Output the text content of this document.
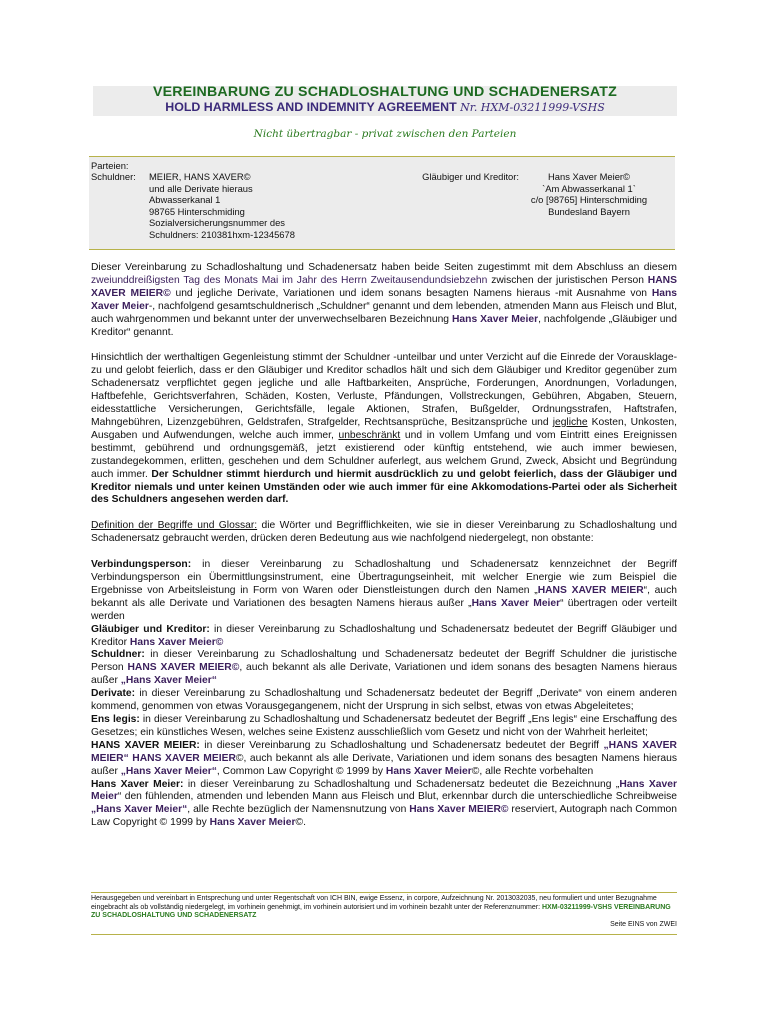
VEREINBARUNG ZU SCHADLOSHALTUNG UND SCHADENERSATZ
HOLD HARMLESS AND INDEMNITY AGREEMENT Nr. HXM-03211999-VSHS
Nicht übertragbar - privat zwischen den Parteien
Parteien:
Schuldner: MEIER, HANS XAVER©
und alle Derivate hieraus
Abwasserkanal 1
98765 Hinterschmiding
Sozialversicherungsnummer des
Schuldners: 210381hxm-12345678
Gläubiger und Kreditor:	Hans Xaver Meier©
`Am Abwasserkanal 1`
c/o [98765] Hinterschmiding
Bundesland Bayern

Dieser Vereinbarung zu Schadloshaltung und Schadenersatz haben beide Seiten zugestimmt mit dem Abschluss an diesem zweiunddreißigsten Tag des Monats Mai im Jahr des Herrn Zweitausendundsiebzehn zwischen der juristischen Person HANS XAVER MEIER© und jegliche Derivate, Variationen und idem sonans besagten Namens hieraus -mit Ausnahme von Hans Xaver Meier-, nachfolgend gesamtschuldnerisch „Schuldner“ genannt und dem lebenden, atmenden Mann aus Fleisch und Blut, auch wahrgenommen und bekannt unter der unverwechselbaren Bezeichnung Hans Xaver Meier, nachfolgende „Gläubiger und Kreditor“ genannt.

Hinsichtlich der werthaltigen Gegenleistung stimmt der Schuldner -unteilbar und unter Verzicht auf die Einrede der Vorausklage- zu und gelobt feierlich, dass er den Gläubiger und Kreditor schadlos hält und sich dem Gläubiger und Kreditor gegenüber zum Schadenersatz verpflichtet gegen jegliche und alle Haftbarkeiten, Ansprüche, Forderungen, Anordnungen, Vorladungen, Haftbefehle, Gerichtsverfahren, Schäden, Kosten, Verluste, Pfändungen, Vollstreckungen, Gebühren, Abgaben, Steuern, eidesstattliche Versicherungen, Gerichtsfälle, legale Aktionen, Strafen, Bußgelder, Ordnungsstrafen, Haftstrafen, Mahngebühren, Lizenzgebühren, Geldstrafen, Strafgelder, Rechtsansprüche, Besitzansprüche und jegliche Kosten, Unkosten, Ausgaben und Aufwendungen, welche auch immer, unbeschränkt und in vollem Umfang und vom Eintritt eines Ereignissen bestimmt, gebührend und ordnungsgemäß, jetzt existierend oder künftig entstehend, wie auch immer bewiesen, zustandegekommen, erlitten, geschehen und dem Schuldner auferlegt, aus welchem Grund, Zweck, Absicht und Begründung auch immer. Der Schuldner stimmt hierdurch und hiermit ausdrücklich zu und gelobt feierlich, dass der Gläubiger und Kreditor niemals und unter keinen Umständen oder wie auch immer für eine Akkomodations-Partei oder als Sicherheit des Schuldners angesehen werden darf.

Definition der Begriffe und Glossar: die Wörter und Begrifflichkeiten, wie sie in dieser Vereinbarung zu Schadloshaltung und Schadenersatz gebraucht werden, drücken deren Bedeutung aus wie nachfolgend niedergelegt, non obstante:

Verbindungsperson: in dieser Vereinbarung zu Schadloshaltung und Schadenersatz kennzeichnet der Begriff Verbindungsperson ein Übermittlungsinstrument, eine Übertragungseinheit, mit welcher Energie wie zum Beispiel die Ergebnisse von Arbeitsleistung in Form von Waren oder Dienstleistungen durch den Namen „HANS XAVER MEIER“, auch bekannt als alle Derivate und Variationen des besagten Namens hieraus außer „Hans Xaver Meier“ übertragen oder verteilt werden

Gläubiger und Kreditor: in dieser Vereinbarung zu Schadloshaltung und Schadenersatz bedeutet der Begriff Gläubiger und Kreditor Hans Xaver Meier©

Schuldner: in dieser Vereinbarung zu Schadloshaltung und Schadenersatz bedeutet der Begriff Schuldner die juristische Person HANS XAVER MEIER©, auch bekannt als alle Derivate, Variationen und idem sonans des besagten Namens hieraus außer „Hans Xaver Meier“

Derivate: in dieser Vereinbarung zu Schadloshaltung und Schadenersatz bedeutet der Begriff „Derivate“ von einem anderen kommend, genommen von etwas Vorausgegangenem, nicht der Ursprung in sich selbst, etwas von etwas Abgeleitetes;

Ens legis: in dieser Vereinbarung zu Schadloshaltung und Schadenersatz bedeutet der Begriff „Ens legis“ eine Erschaffung des Gesetzes; ein künstliches Wesen, welches seine Existenz ausschließlich vom Gesetz und nicht von der Wahrheit herleitet;

HANS XAVER MEIER: in dieser Vereinbarung zu Schadloshaltung und Schadenersatz bedeutet der Begriff „HANS XAVER MEIER“ HANS XAVER MEIER©, auch bekannt als alle Derivate, Variationen und idem sonans des besagten Namens hieraus außer „Hans Xaver Meier“, Common Law Copyright © 1999 by Hans Xaver Meier©, alle Rechte vorbehalten

Hans Xaver Meier: in dieser Vereinbarung zu Schadloshaltung und Schadenersatz bedeutet die Bezeichnung „Hans Xaver Meier“ den fühlenden, atmenden und lebenden Mann aus Fleisch und Blut, erkennbar durch die unterschiedliche Schreibweise „Hans Xaver Meier“, alle Rechte bezüglich der Namensnutzung von Hans Xaver MEIER© reserviert, Autograph nach Common Law Copyright © 1999 by Hans Xaver Meier©.

Herausgegeben und vereinbart in Entsprechung und unter Regentschaft von ICH BIN, ewige Essenz, in corpore, Aufzeichnung Nr. 2013032035, neu formuliert und unter Bezugnahme eingebracht als ob vollständig niedergelegt, im vorhinein genehmigt, im vorhinein autorisiert und im vorhinein bezahlt unter der Referenznummer: HXM-03211999-VSHS VEREINBARUNG ZU SCHADLOSHALTUNG UND SCHADENERSATZ
Seite EINS von ZWEI
